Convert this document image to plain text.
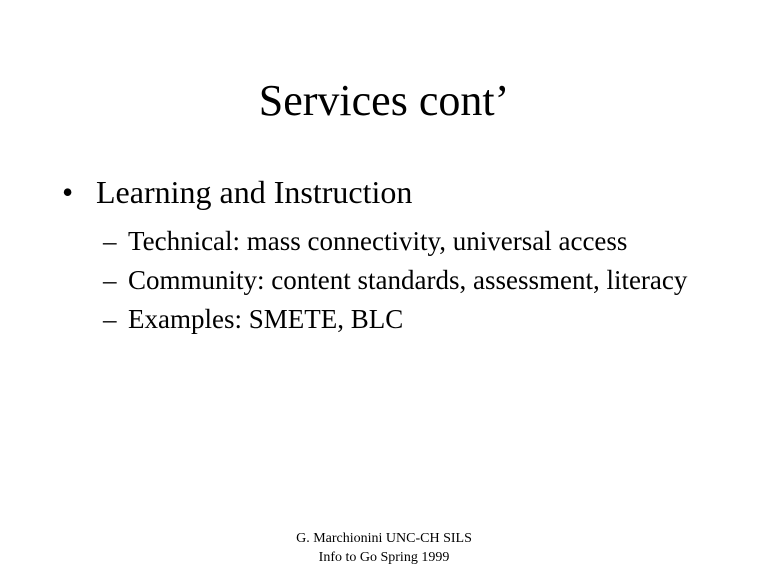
Services cont’
• Learning and Instruction
– Technical: mass connectivity, universal access
– Community: content standards, assessment, literacy
– Examples: SMETE, BLC
G. Marchionini UNC-CH SILS
Info to Go Spring 1999
